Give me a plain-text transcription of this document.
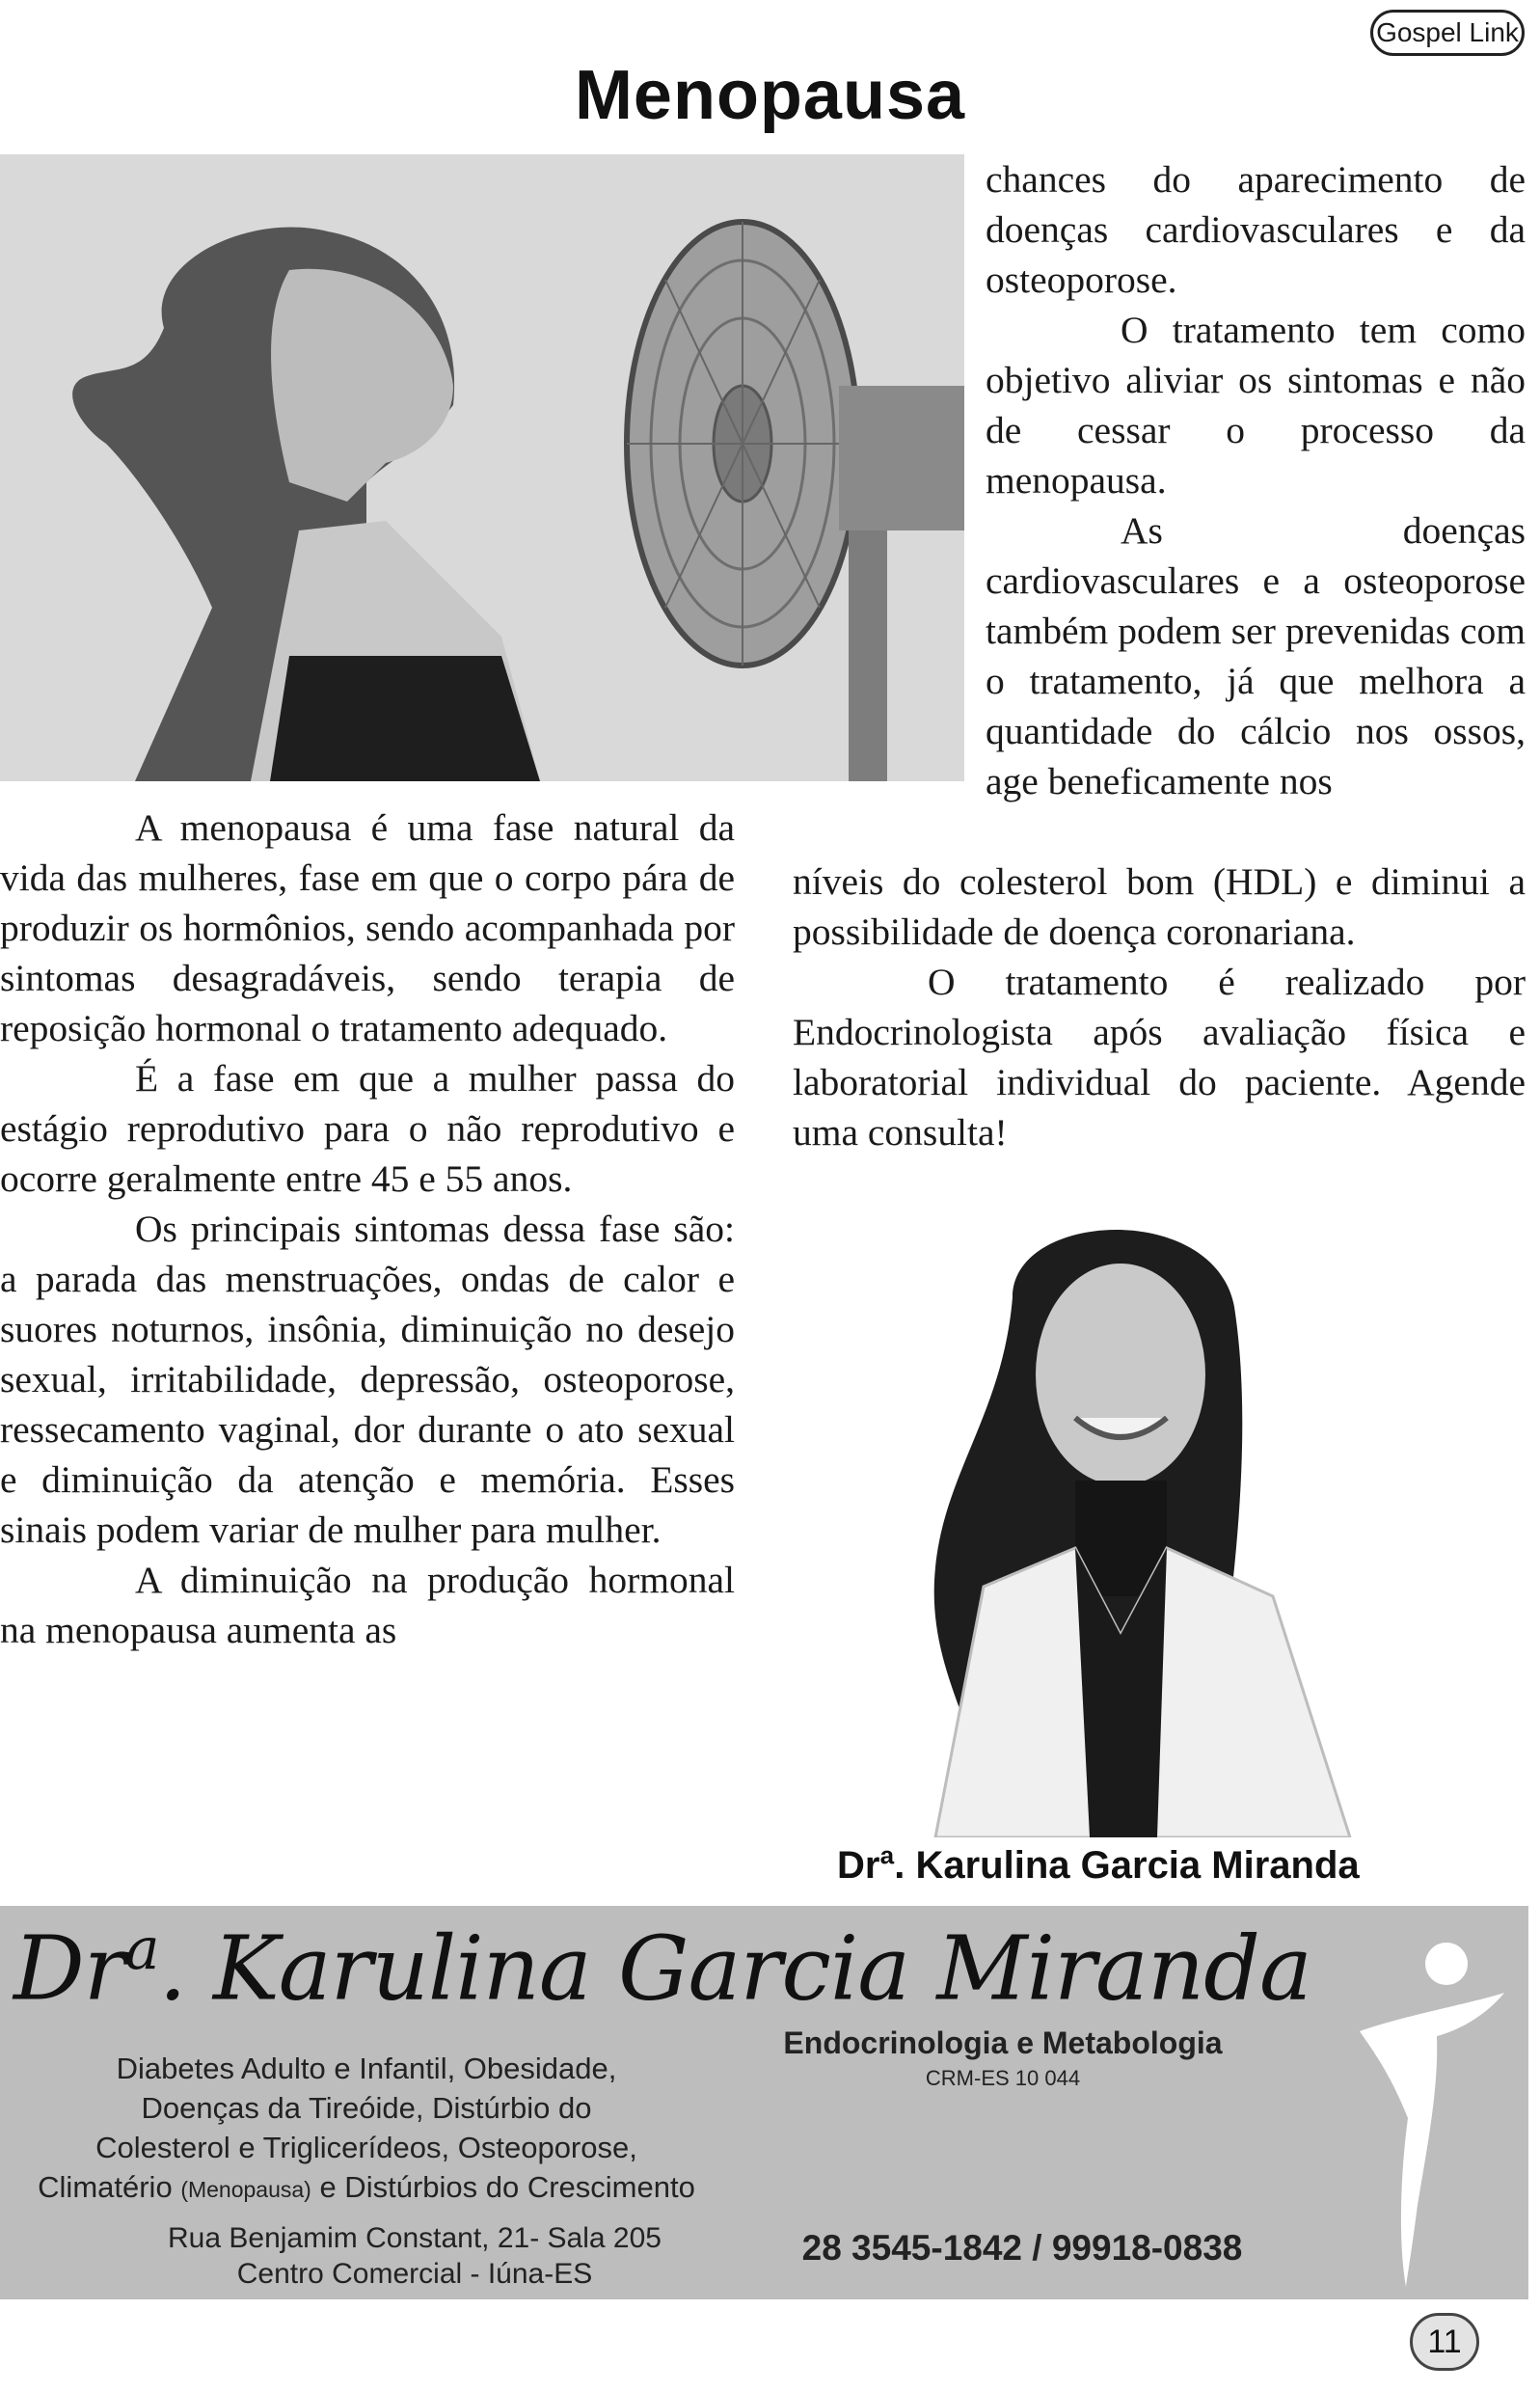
Gospel Link
Menopausa

A menopausa é uma fase natural da vida das mulheres, fase em que o corpo pára de produzir os hormônios, sendo acompanhada por sintomas desagradáveis, sendo terapia de reposição hormonal o tratamento adequado.

É a fase em que a mulher passa do estágio reprodutivo para o não reprodutivo e ocorre geralmente entre 45 e 55 anos.

Os principais sintomas dessa fase são: a parada das menstruações, ondas de calor e suores noturnos, insônia, diminuição no desejo sexual, irritabilidade, depressão, osteoporose, ressecamento vaginal, dor durante o ato sexual e diminuição da atenção e memória. Esses sinais podem variar de mulher para mulher.

A diminuição na produção hormonal na menopausa aumenta as

chances do aparecimento de doenças cardiovasculares e da osteoporose.

O tratamento tem como objetivo aliviar os sintomas e não de cessar o processo da menopausa.

As doenças cardiovasculares e a osteoporose também podem ser prevenidas com o tratamento, já que melhora a quantidade do cálcio nos ossos, age beneficamente nos

níveis do colesterol bom (HDL) e diminui a possibilidade de doença coronariana.

O tratamento é realizado por Endocrinologista após avaliação física e laboratorial individual do paciente. Agende uma consulta!

Drª. Karulina Garcia Miranda
Dr$^a$. Karulina Garcia Miranda
Endocrinologia e Metabologia
CRM-ES 10 044
Diabetes Adulto e Infantil, Obesidade,
Doenças da Tireóide, Distúrbio do
Colesterol e Triglicerídeos, Osteoporose,
Climatério (Menopausa) e Distúrbios do Crescimento
Rua Benjamim Constant, 21- Sala 205
Centro Comercial - Iúna-ES
28 3545-1842 / 99918-0838
11
